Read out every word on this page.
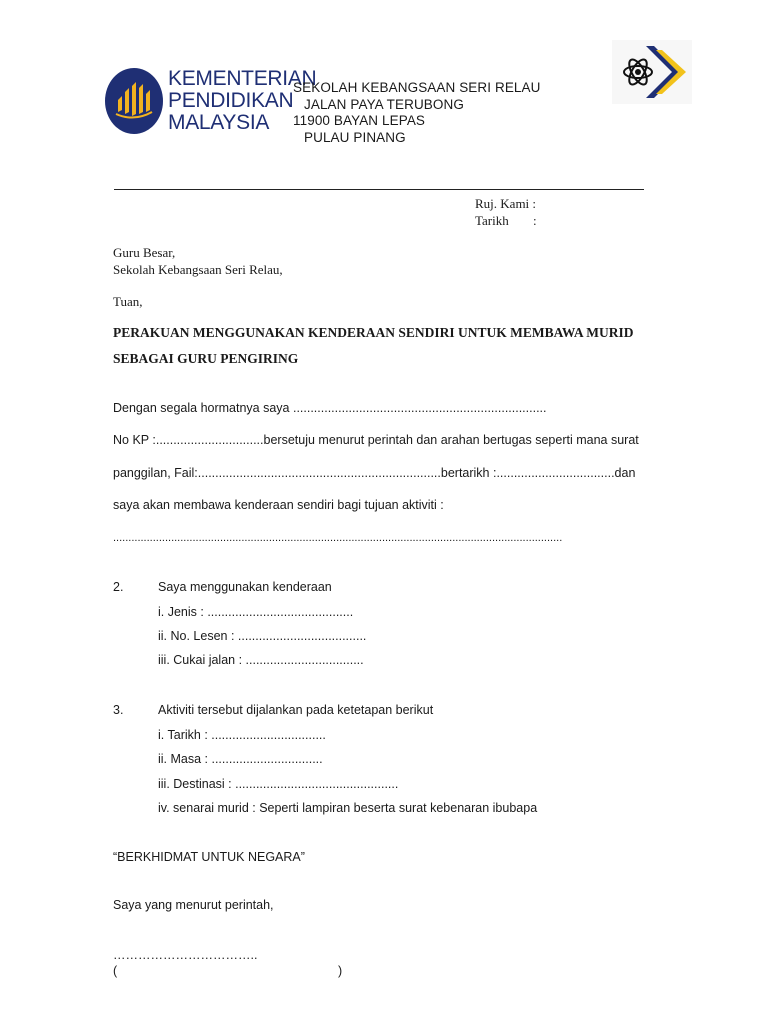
KEMENTERIAN
PENDIDIKAN
MALAYSIA
SEKOLAH KEBANGSAAN SERI RELAU
JALAN PAYA TERUBONG
11900 BAYAN LEPAS
PULAU PINANG
Ruj. Kami :
Tarikh :
Guru Besar,
Sekolah Kebangsaan Seri Relau,
Tuan,
PERAKUAN MENGGUNAKAN KENDERAAN SENDIRI UNTUK MEMBAWA MURID
SEBAGAI GURU PENGIRING
Dengan segala hormatnya saya .........................................................................
No KP :...............................bersetuju menurut perintah dan arahan bertugas seperti mana surat
panggilan, Fail:......................................................................bertarikh :..................................dan
saya akan membawa kenderaan sendiri bagi tujuan aktiviti :
...................................................................................................................................................
2.	Saya menggunakan kenderaan
i. Jenis : ..........................................
ii. No. Lesen : .....................................
iii. Cukai jalan : ..................................
3.	Aktiviti tersebut dijalankan pada ketetapan berikut
i. Tarikh : .................................
ii. Masa : ................................
iii. Destinasi : ...............................................
iv. senarai murid : Seperti lampiran beserta surat kebenaran ibubapa
“BERKHIDMAT UNTUK NEGARA”
Saya yang menurut perintah,
……………………………..
(	)
